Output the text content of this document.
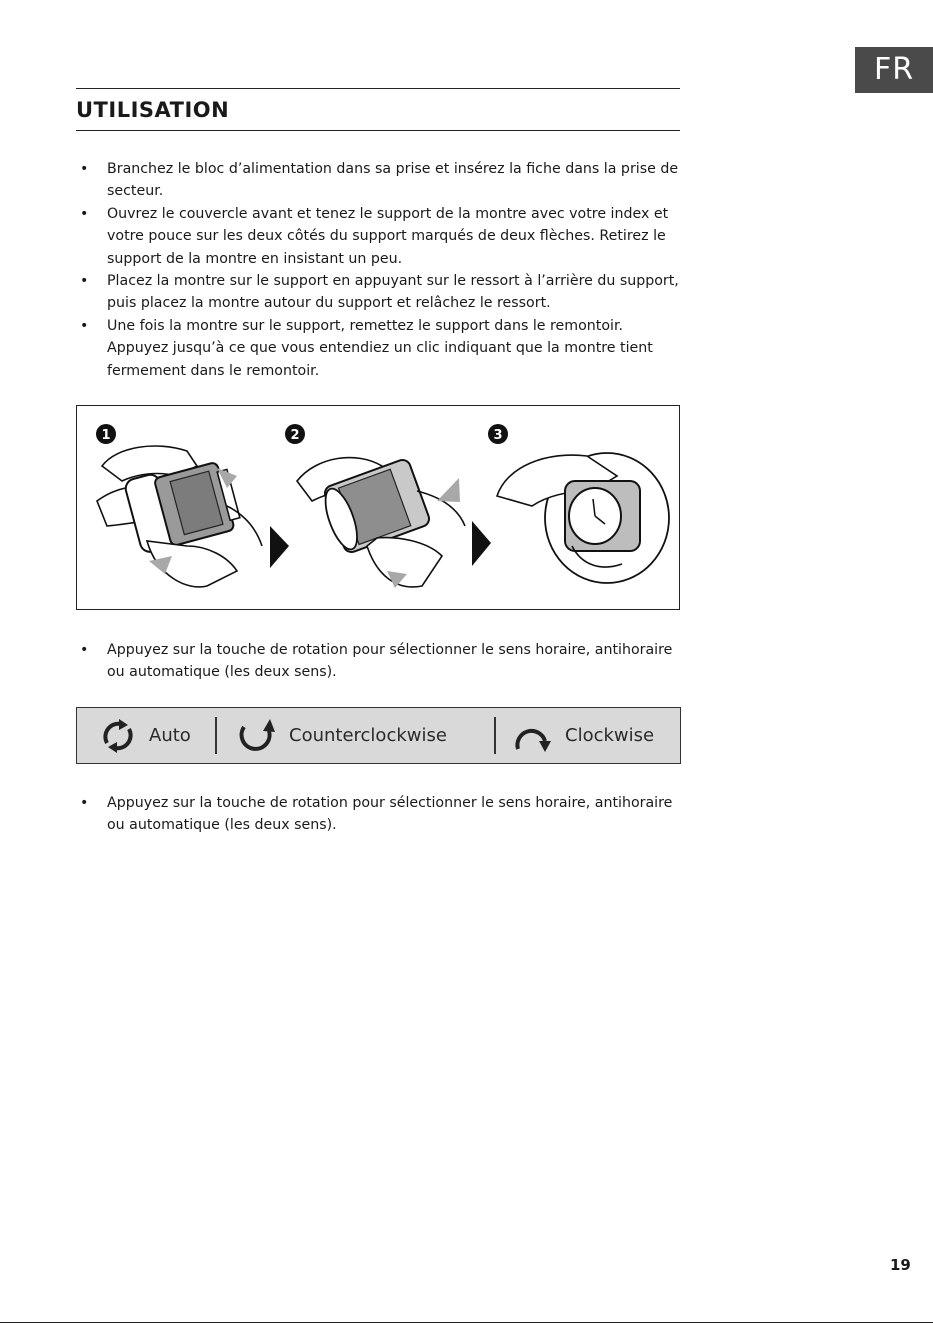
FR
UTILISATION
• Branchez le bloc d’alimentation dans sa prise et insérez la fiche dans la prise de secteur.
• Ouvrez le couvercle avant et tenez le support de la montre avec votre index et votre pouce sur les deux côtés du support marqués de deux flèches. Retirez le support de la montre en insistant un peu.
• Placez la montre sur le support en appuyant sur le ressort à l’arrière du support, puis placez la montre autour du support et relâchez le ressort.
• Une fois la montre sur le support, remettez le support dans le remontoir. Appuyez jusqu’à ce que vous entendiez un clic indiquant que la montre tient fermement dans le remontoir.
1	2	3
• Appuyez sur la touche de rotation pour sélectionner le sens horaire, antihoraire ou automatique (les deux sens).
Auto	Counterclockwise	Clockwise
• Appuyez sur la touche de rotation pour sélectionner le sens horaire, antihoraire ou automatique (les deux sens).
19
